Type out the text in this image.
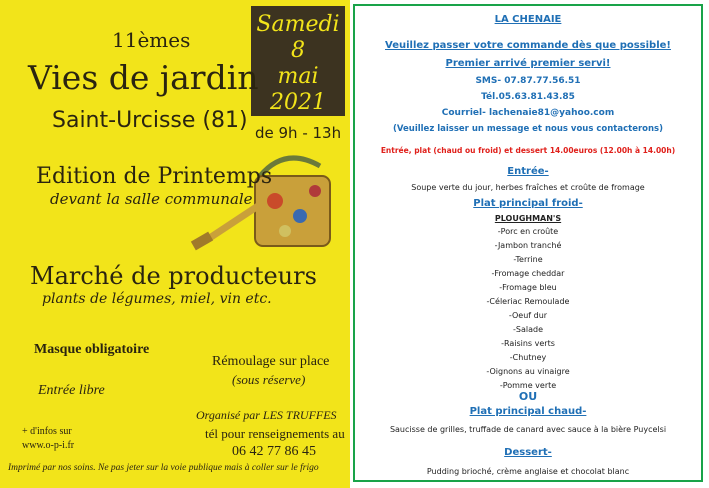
Samedi
8
mai
2021
11èmes
Vies de jardin
Saint-Urcisse (81) de 9h - 13h
Edition de Printemps
devant la salle communale
Marché de producteurs
plants de légumes, miel, vin etc.
Masque obligatoire
Rémoulage sur place
(sous réserve)
Entrée libre
Organisé par LES TRUFFES
tél pour renseignements au
+ d'infos sur
www.o-p-i.fr	06 42 77 86 45
Imprimé par nos soins. Ne pas jeter sur la voie publique mais à coller sur le frigo
LA CHENAIE
Veuillez passer votre commande dès que possible!
Premier arrivé premier servi!
SMS- 07.87.77.56.51
Tél.05.63.81.43.85
Courriel- lachenaie81@yahoo.com
(Veuillez laisser un message et nous vous contacterons)
Entrée, plat (chaud ou froid) et dessert 14.00euros (12.00h à 14.00h)
Entrée-
Soupe verte du jour, herbes fraîches et croûte de fromage
Plat principal froid-
PLOUGHMAN'S
-Porc en croûte
-Jambon tranché
-Terrine
-Fromage cheddar
-Fromage bleu
-Céleriac Remoulade
-Oeuf dur
-Salade
-Raisins verts
-Chutney
-Oignons au vinaigre
-Pomme verte
OU
Plat principal chaud-
Saucisse de grilles, truffade de canard avec sauce à la bière Puycelsi
Dessert-
Pudding brioché, crème anglaise et chocolat blanc
